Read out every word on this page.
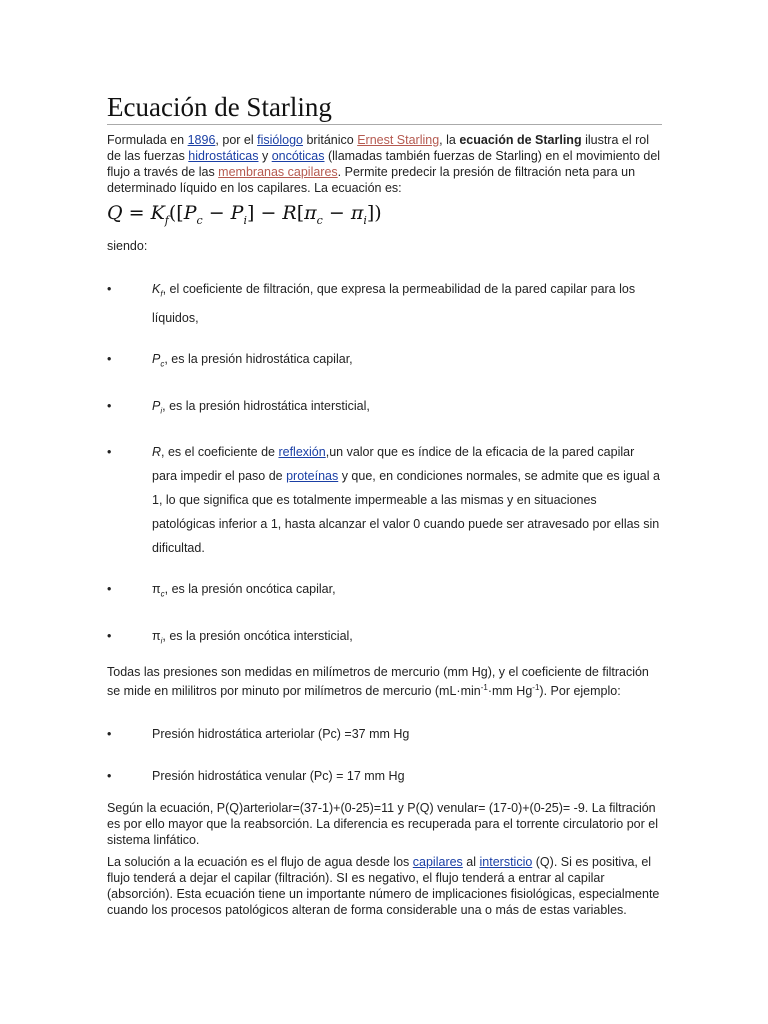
Ecuación de Starling

Formulada en 1896, por el fisiólogo británico Ernest Starling, la ecuación de Starling ilustra el rol de las fuerzas hidrostáticas y oncóticas (llamadas también fuerzas de Starling) en el movimiento del flujo a través de las membranas capilares. Permite predecir la presión de filtración neta para un determinado líquido en los capilares. La ecuación es:

$Q = K_f([P_c - P_i] - R[\pi_c - \pi_i])$

siendo:

•	$K_f$, el coeficiente de filtración, que expresa la permeabilidad de la pared capilar para los líquidos,
•	$P_c$, es la presión hidrostática capilar,
•	$P_i$, es la presión hidrostática intersticial,
•	R, es el coeficiente de reflexión,un valor que es índice de la eficacia de la pared capilar para impedir el paso de proteínas y que, en condiciones normales, se admite que es igual a 1, lo que significa que es totalmente impermeable a las mismas y en situaciones patológicas inferior a 1, hasta alcanzar el valor 0 cuando puede ser atravesado por ellas sin dificultad.
•	$\pi_c$, es la presión oncótica capilar,
•	$\pi_i$, es la presión oncótica intersticial,

Todas las presiones son medidas en milímetros de mercurio (mm Hg), y el coeficiente de filtración se mide en mililitros por minuto por milímetros de mercurio ($mL\cdot\min^{-1}\cdot mm$ $Hg^{-1}$). Por ejemplo:

•	Presión hidrostática arteriolar (Pc) =37 mm Hg
•	Presión hidrostática venular (Pc) = 17 mm Hg

Según la ecuación, P(Q)arteriolar=(37-1)+(0-25)=11 y P(Q) venular= (17-0)+(0-25)= -9. La filtración es por ello mayor que la reabsorción. La diferencia es recuperada para el torrente circulatorio por el sistema linfático.

La solución a la ecuación es el flujo de agua desde los capilares al intersticio (Q). Si es positiva, el flujo tenderá a dejar el capilar (filtración). SI es negativo, el flujo tenderá a entrar al capilar (absorción). Esta ecuación tiene un importante número de implicaciones fisiológicas, especialmente cuando los procesos patológicos alteran de forma considerable una o más de estas variables.
